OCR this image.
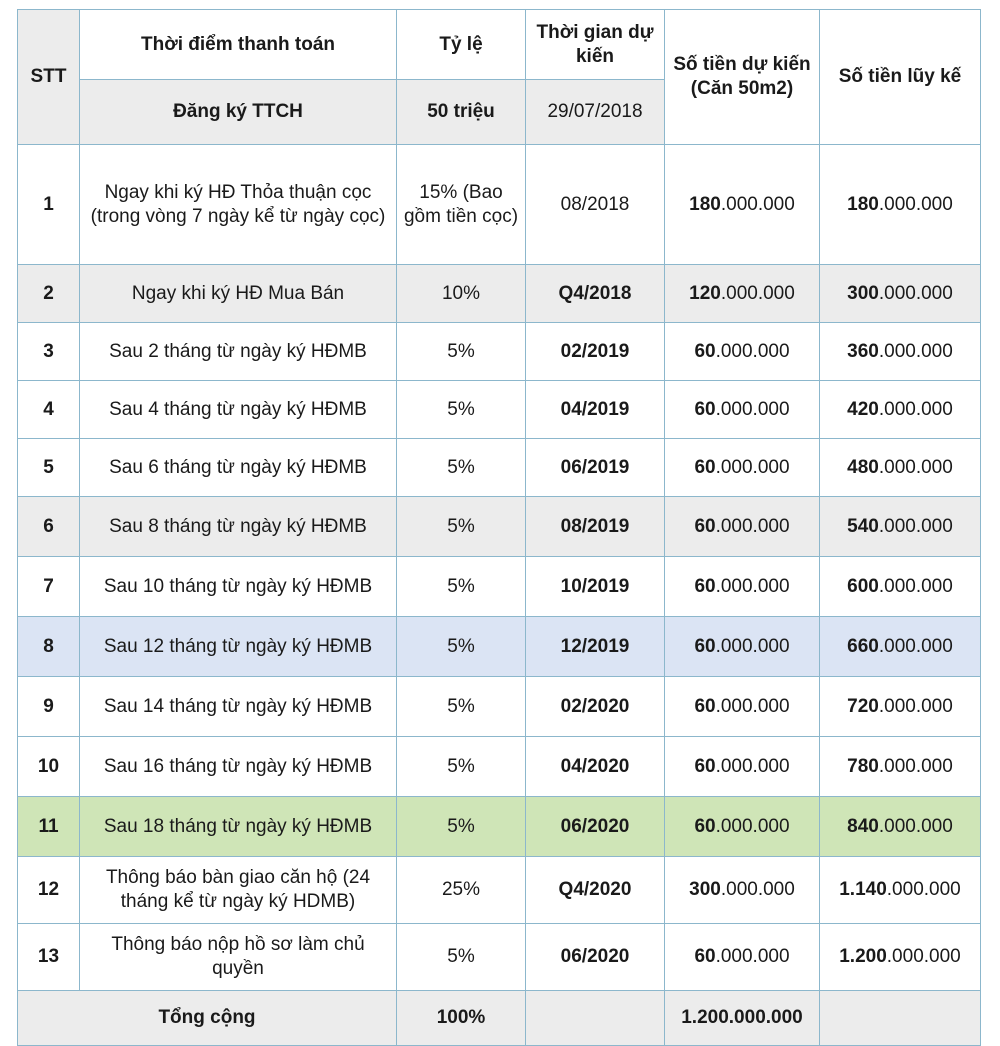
STT	Thời điểm thanh toán	Tỷ lệ	Thời gian dự kiến	Số tiền dự kiến (Căn 50m2)	Số tiền lũy kế
	Đăng ký TTCH	50 triệu	29/07/2018		
1	Ngay khi ký HĐ Thỏa thuận cọc (trong vòng 7 ngày kể từ ngày cọc)	15% (Bao gồm tiền cọc)	08/2018	180.000.000	180.000.000
2	Ngay khi ký HĐ Mua Bán	10%	Q4/2018	120.000.000	300.000.000
3	Sau 2 tháng từ ngày ký HĐMB	5%	02/2019	60.000.000	360.000.000
4	Sau 4 tháng từ ngày ký HĐMB	5%	04/2019	60.000.000	420.000.000
5	Sau 6 tháng từ ngày ký HĐMB	5%	06/2019	60.000.000	480.000.000
6	Sau 8 tháng từ ngày ký HĐMB	5%	08/2019	60.000.000	540.000.000
7	Sau 10 tháng từ ngày ký HĐMB	5%	10/2019	60.000.000	600.000.000
8	Sau 12 tháng từ ngày ký HĐMB	5%	12/2019	60.000.000	660.000.000
9	Sau 14 tháng từ ngày ký HĐMB	5%	02/2020	60.000.000	720.000.000
10	Sau 16 tháng từ ngày ký HĐMB	5%	04/2020	60.000.000	780.000.000
11	Sau 18 tháng từ ngày ký HĐMB	5%	06/2020	60.000.000	840.000.000
12	Thông báo bàn giao căn hộ (24 tháng kể từ ngày ký HDMB)	25%	Q4/2020	300.000.000	1.140.000.000
13	Thông báo nộp hồ sơ làm chủ quyền	5%	06/2020	60.000.000	1.200.000.000
Tổng cộng		100%		1.200.000.000	
